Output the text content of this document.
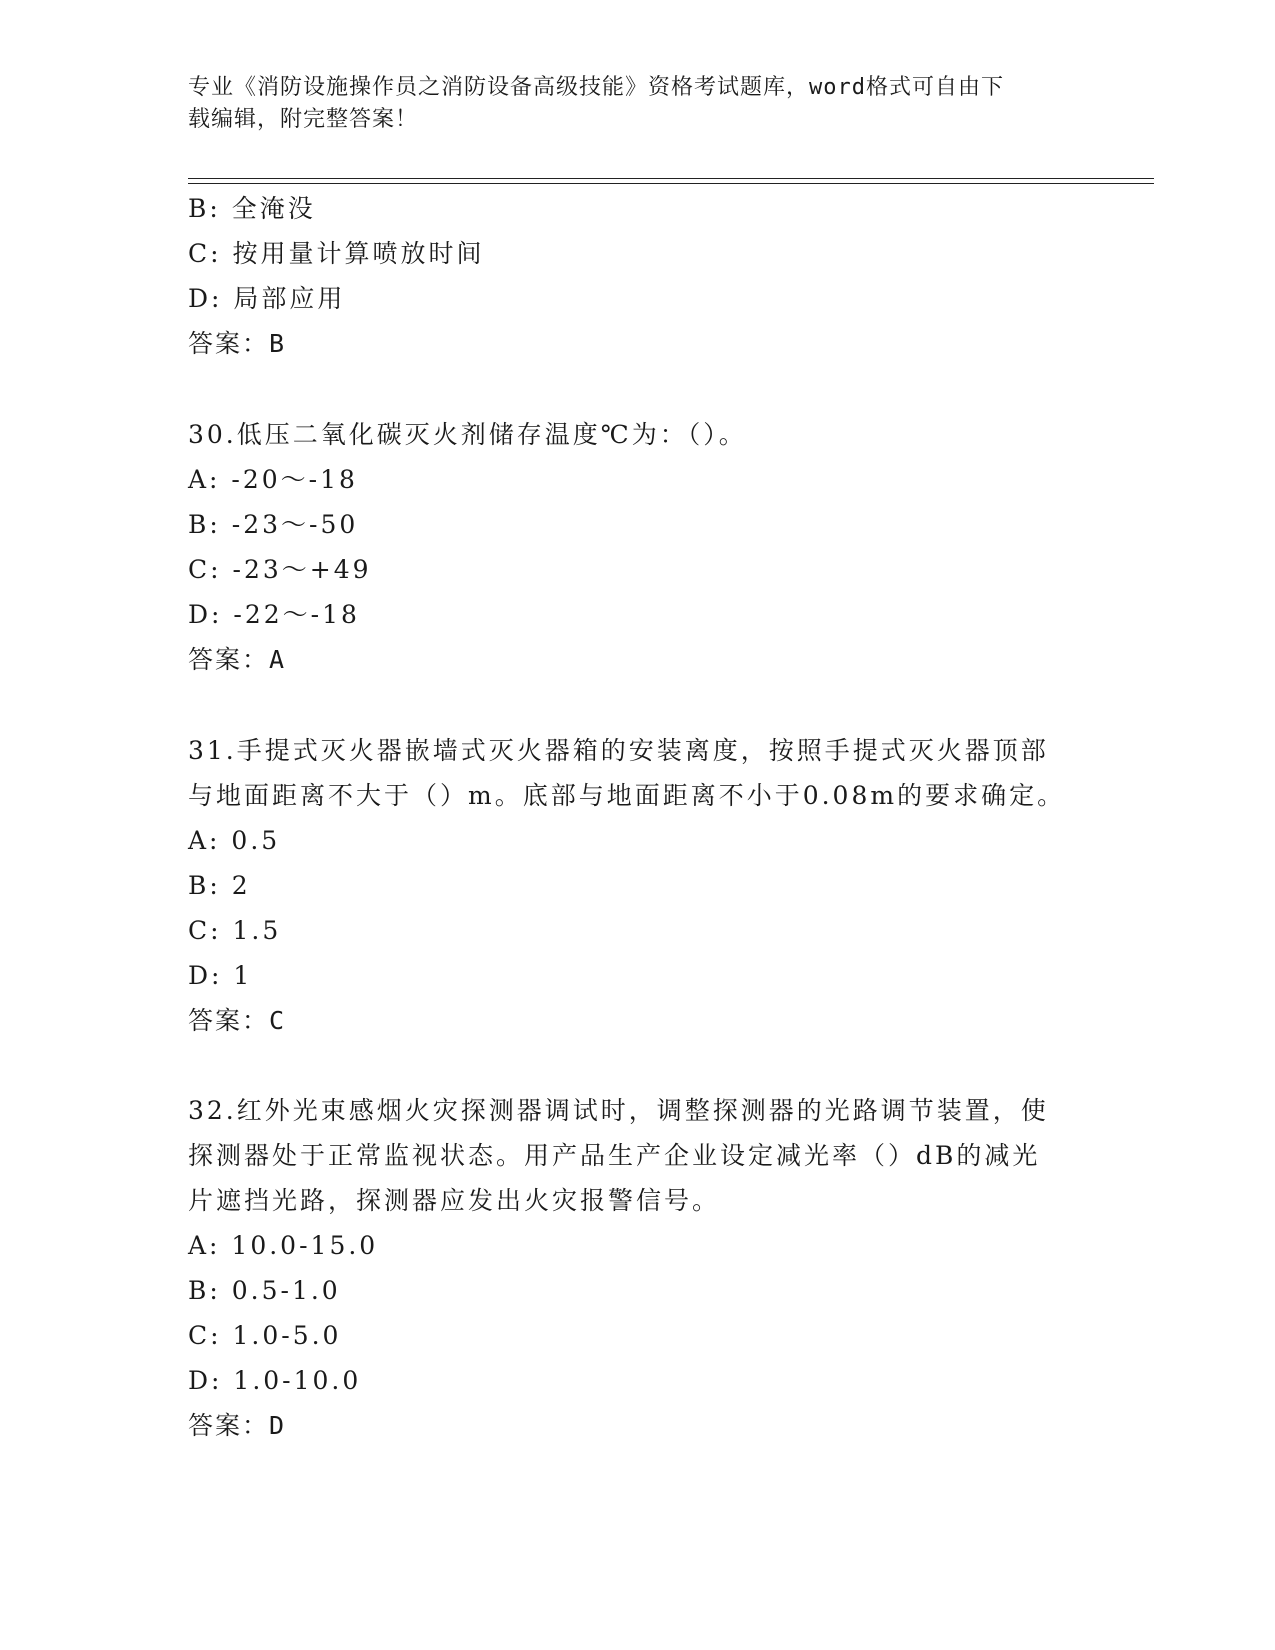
专业《消防设施操作员之消防设备高级技能》资格考试题库，word格式可自由下
载编辑，附完整答案！
B: 全淹没
C: 按用量计算喷放时间
D: 局部应用
答案：B
30.低压二氧化碳灭火剂储存温度℃为：（）。
A: -20～-18
B: -23～-50
C: -23～+49
D: -22～-18
答案：A
31.手提式灭火器嵌墙式灭火器箱的安装离度，按照手提式灭火器顶部
与地面距离不大于（）m。底部与地面距离不小于0.08m的要求确定。
A: 0.5
B: 2
C: 1.5
D: 1
答案：C
32.红外光束感烟火灾探测器调试时，调整探测器的光路调节装置，使
探测器处于正常监视状态。用产品生产企业设定减光率（）dB的减光
片遮挡光路，探测器应发出火灾报警信号。
A: 10.0-15.0
B: 0.5-1.0
C: 1.0-5.0
D: 1.0-10.0
答案：D
